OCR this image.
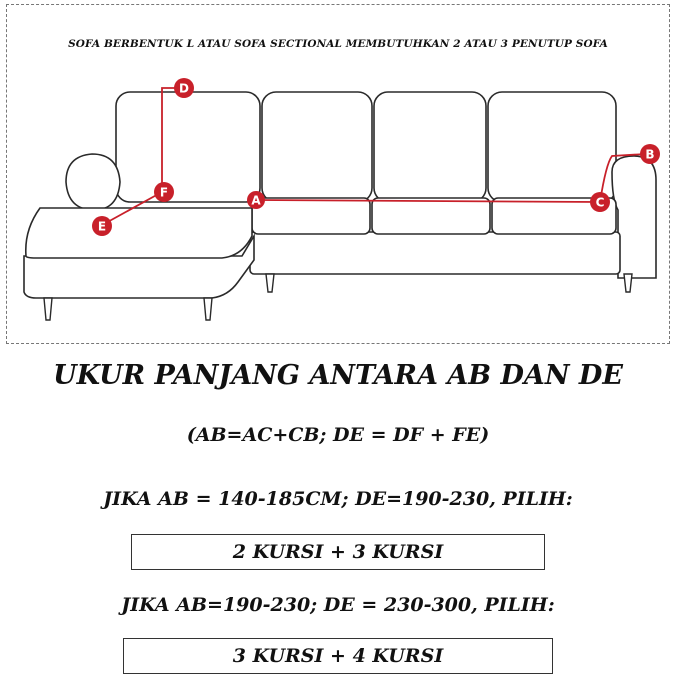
SOFA BERBENTUK L ATAU SOFA SECTIONAL MEMBUTUHKAN 2 ATAU 3 PENUTUP SOFA
A
B
C
D
E
F
UKUR PANJANG ANTARA AB DAN DE
(AB=AC+CB; DE = DF + FE)
JIKA AB = 140-185CM; DE=190-230, PILIH:
2 KURSI + 3 KURSI
JIKA AB=190-230; DE = 230-300, PILIH:
3 KURSI + 4 KURSI
